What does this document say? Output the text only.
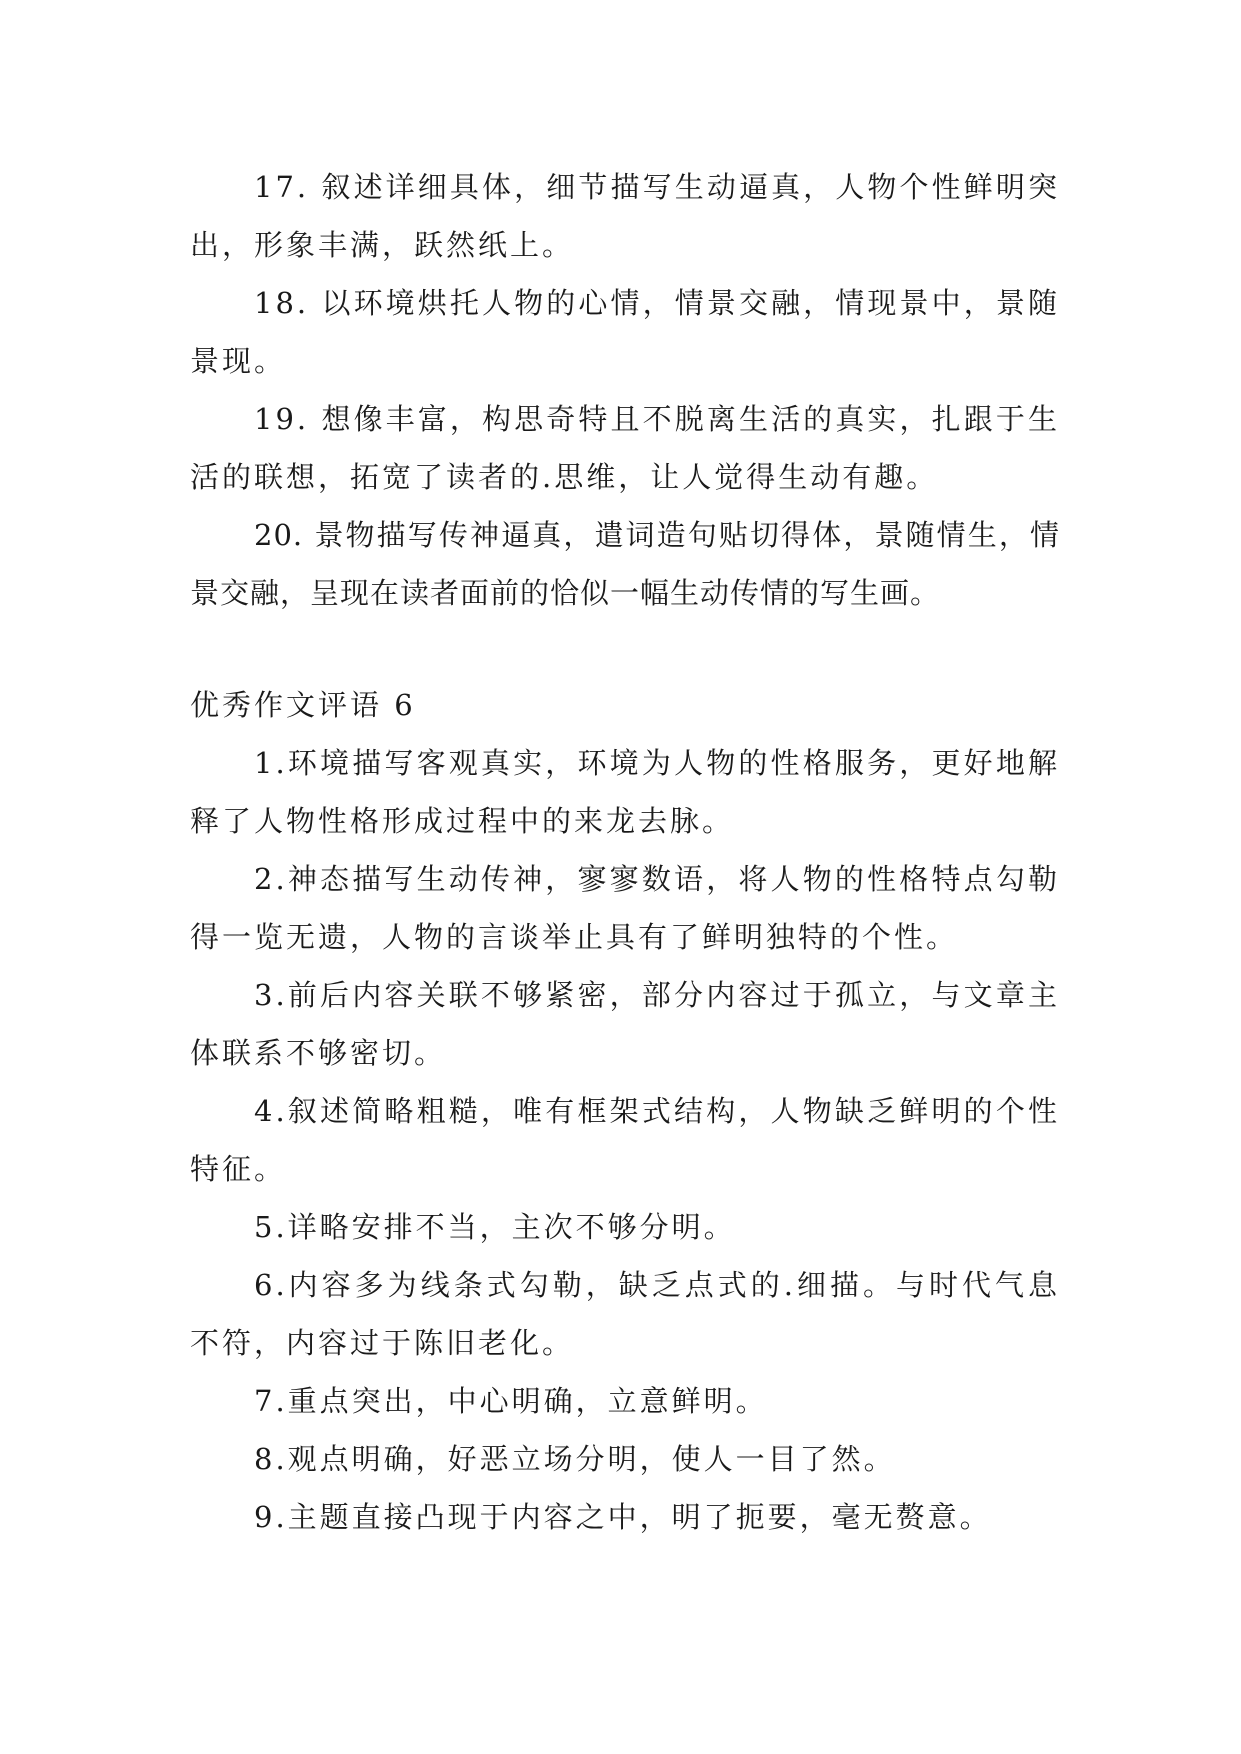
17. 叙述详细具体，细节描写生动逼真，人物个性鲜明突出，形象丰满，跃然纸上。

18. 以环境烘托人物的心情，情景交融，情现景中，景随景现。

19. 想像丰富，构思奇特且不脱离生活的真实，扎跟于生活的联想，拓宽了读者的.思维，让人觉得生动有趣。

20. 景物描写传神逼真，遣词造句贴切得体，景随情生，情景交融，呈现在读者面前的恰似一幅生动传情的写生画。

优秀作文评语 6

1.环境描写客观真实，环境为人物的性格服务，更好地解释了人物性格形成过程中的来龙去脉。

2.神态描写生动传神，寥寥数语，将人物的性格特点勾勒得一览无遗，人物的言谈举止具有了鲜明独特的个性。

3.前后内容关联不够紧密，部分内容过于孤立，与文章主体联系不够密切。

4.叙述简略粗糙，唯有框架式结构，人物缺乏鲜明的个性特征。

5.详略安排不当，主次不够分明。

6.内容多为线条式勾勒，缺乏点式的.细描。与时代气息不符，内容过于陈旧老化。

7.重点突出，中心明确，立意鲜明。

8.观点明确，好恶立场分明，使人一目了然。

9.主题直接凸现于内容之中，明了扼要，毫无赘意。
